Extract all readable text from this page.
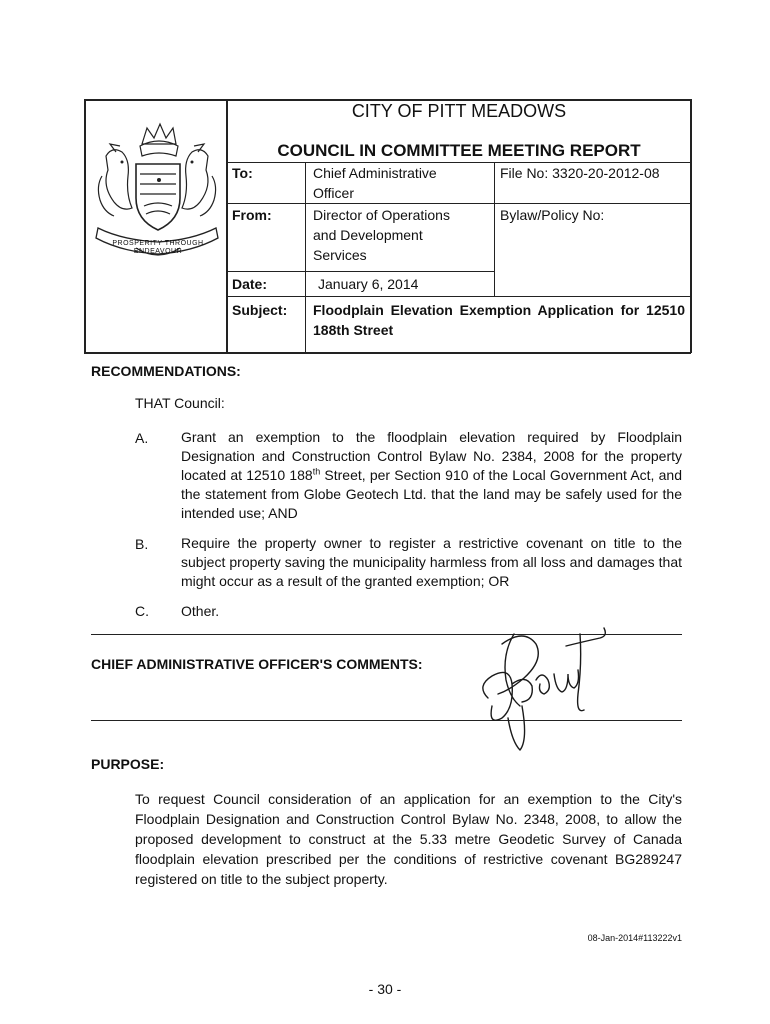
PROSPERITY THROUGH ENDEAVOUR
CITY OF PITT MEADOWS
COUNCIL IN COMMITTEE MEETING REPORT
To:	Chief Administrative Officer
File No: 3320-20-2012-08
From:	Director of Operations and Development Services
Bylaw/Policy No:
Date:	January 6, 2014
Subject: Floodplain Elevation Exemption Application for 12510 188th Street
RECOMMENDATIONS:
THAT Council:
A. Grant an exemption to the floodplain elevation required by Floodplain Designation and Construction Control Bylaw No. 2384, 2008 for the property located at 12510 188th Street, per Section 910 of the Local Government Act, and the statement from Globe Geotech Ltd. that the land may be safely used for the intended use; AND

B. Require the property owner to register a restrictive covenant on title to the subject property saving the municipality harmless from all loss and damages that might occur as a result of the granted exemption; OR

C. Other.
CHIEF ADMINISTRATIVE OFFICER'S COMMENTS:
PURPOSE:

To request Council consideration of an application for an exemption to the City's Floodplain Designation and Construction Control Bylaw No. 2348, 2008, to allow the proposed development to construct at the 5.33 metre Geodetic Survey of Canada floodplain elevation prescribed per the conditions of restrictive covenant BG289247 registered on title to the subject property.

08-Jan-2014#113222v1
- 30 -
